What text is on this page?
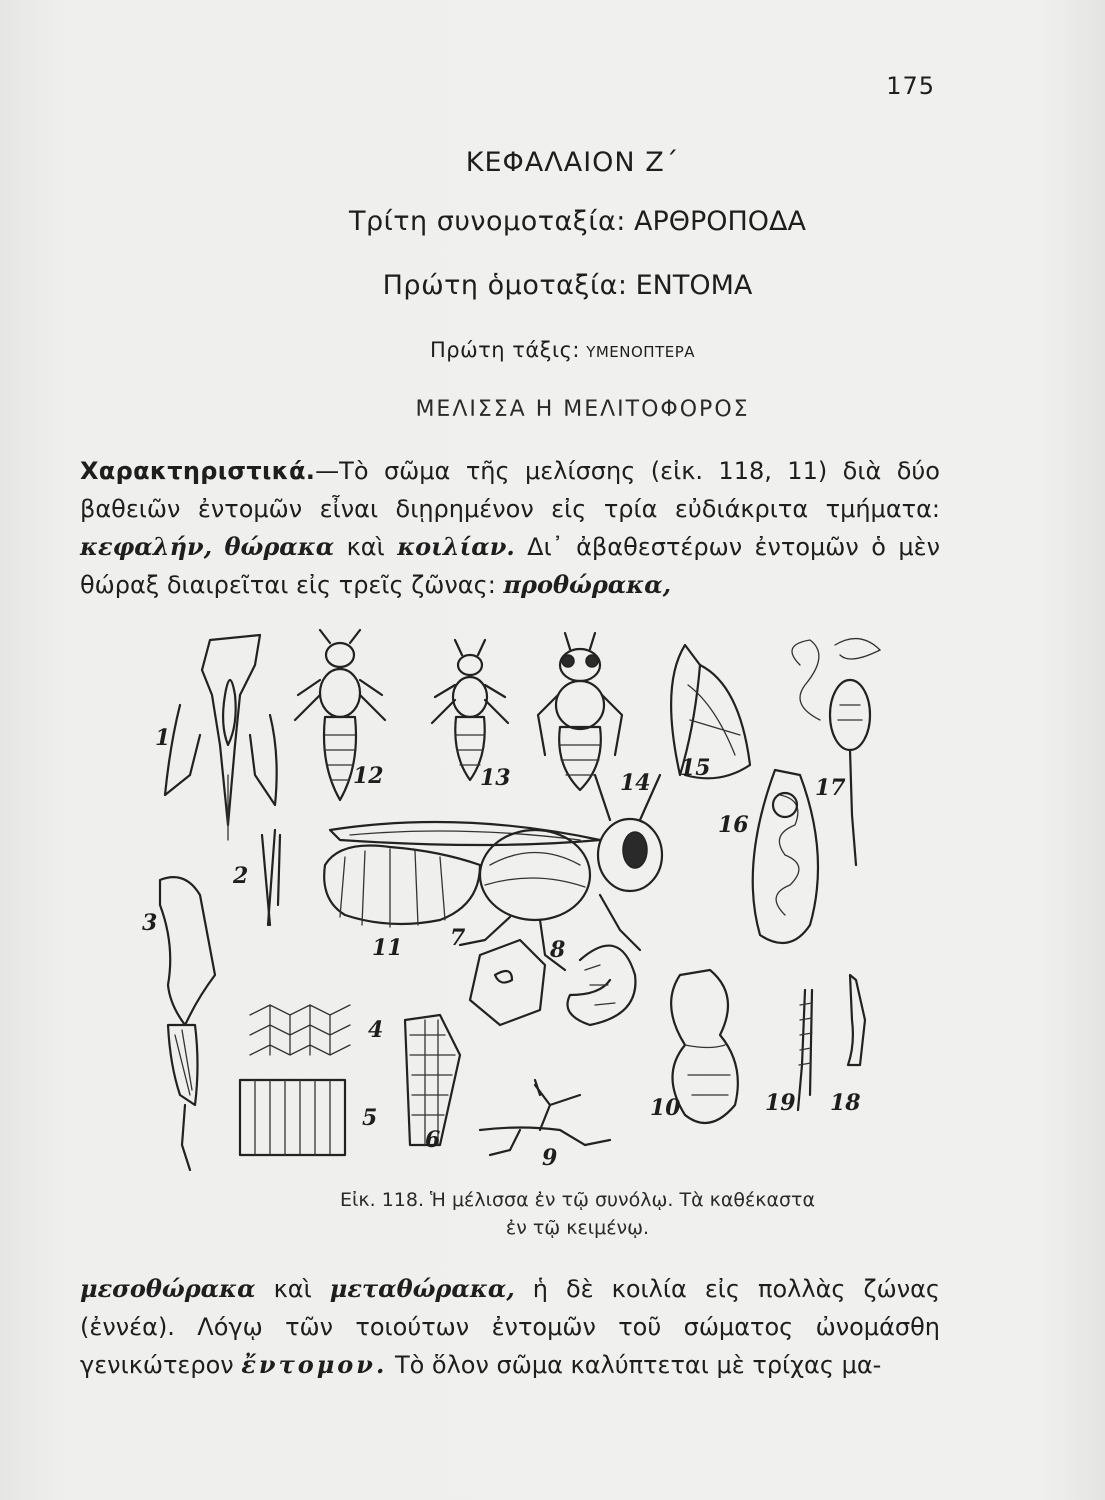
175
ΚΕΦΑΛΑΙΟΝ Ζ΄
Τρίτη συνομοταξία: ΑΡΘΡΟΠΟΔΑ
Πρώτη ὁμοταξία: ΕΝΤΟΜΑ
Πρώτη τάξις: ΥΜΕΝΟΠΤΕΡΑ
ΜΕΛΙΣΣΑ Η ΜΕΛΙΤΟΦΟΡΟΣ
Χαρακτηριστικά.—Τὸ σῶμα τῆς μελίσσης (εἰκ. 118, 11) διὰ δύο βαθειῶν ἐντομῶν εἶναι διῃρημένον εἰς τρία εὐδιάκριτα τμήματα: κεφαλήν, θώρακα καὶ κοιλίαν. Δι᾿ ἀβαθεστέρων ἐντομῶν ὁ μὲν θώραξ διαιρεῖται εἰς τρεῖς ζῶνας: προθώρακα,
1
2
3
4
5
6
7	8
9
10
11
12	13	14
15
16
17
18
19
Εἰκ. 118. Ἡ μέλισσα ἐν τῷ συνόλῳ. Τὰ καθέκαστα
ἐν τῷ κειμένῳ.
μεσοθώρακα καὶ μεταθώρακα, ἡ δὲ κοιλία εἰς πολλὰς ζώνας (ἐννέα). Λόγῳ τῶν τοιούτων ἐντομῶν τοῦ σώματος ὠνομάσθη γενικώτερον ἔντομον. Τὸ ὅλον σῶμα καλύπτεται μὲ τρίχας μα-
